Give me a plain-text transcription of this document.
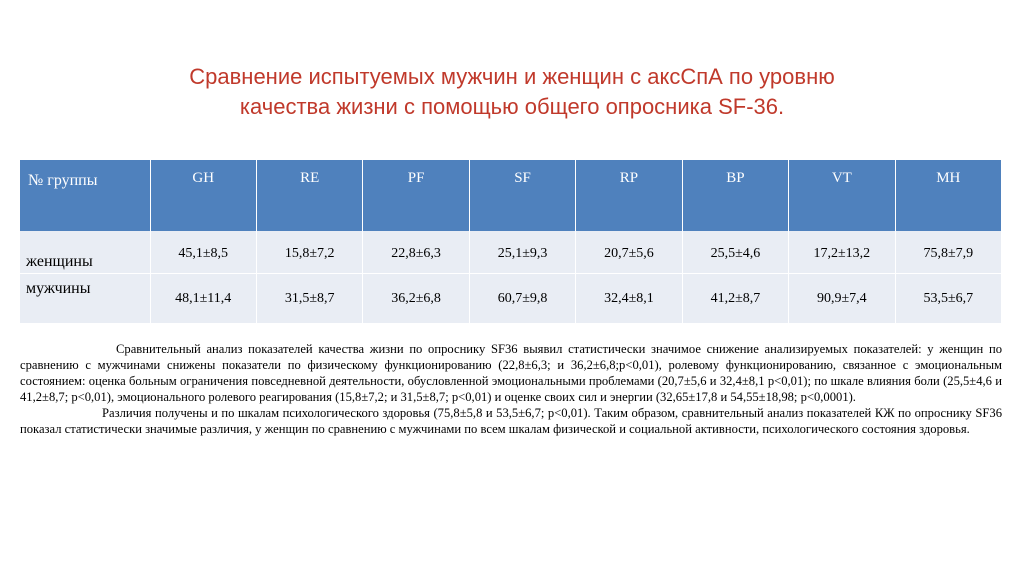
Сравнение испытуемых мужчин и женщин с аксСпА по уровню
качества жизни с помощью общего опросника SF-36.
№ группы	GH	RE	PF	SF	RP	BP	VT	MH
женщины	45,1±8,5	15,8±7,2	22,8±6,3	25,1±9,3	20,7±5,6	25,5±4,6	17,2±13,2	75,8±7,9
мужчины	48,1±11,4	31,5±8,7	36,2±6,8	60,7±9,8	32,4±8,1	41,2±8,7	90,9±7,4	53,5±6,7

Сравнительный анализ показателей качества жизни по опроснику SF36 выявил статистически значимое снижение анализируемых показателей: у женщин по сравнению с мужчинами снижены показатели по физическому функционированию (22,8±6,3; и 36,2±6,8;p<0,01), ролевому функционированию, связанное с эмоциональным состоянием: оценка больным ограничения повседневной деятельности, обусловленной эмоциональными проблемами (20,7±5,6 и 32,4±8,1 p<0,01); по шкале влияния боли (25,5±4,6 и 41,2±8,7; p<0,01), эмоционального ролевого реагирования (15,8±7,2; и 31,5±8,7; p<0,01) и оценке своих сил и энергии (32,65±17,8 и 54,55±18,98; p<0,0001).

Различия получены и по шкалам психологического здоровья (75,8±5,8 и 53,5±6,7; p<0,01). Таким образом, сравнительный анализ показателей КЖ по опроснику SF36 показал статистически значимые различия, у женщин по сравнению с мужчинами по всем шкалам физической и социальной активности, психологического состояния здоровья.
